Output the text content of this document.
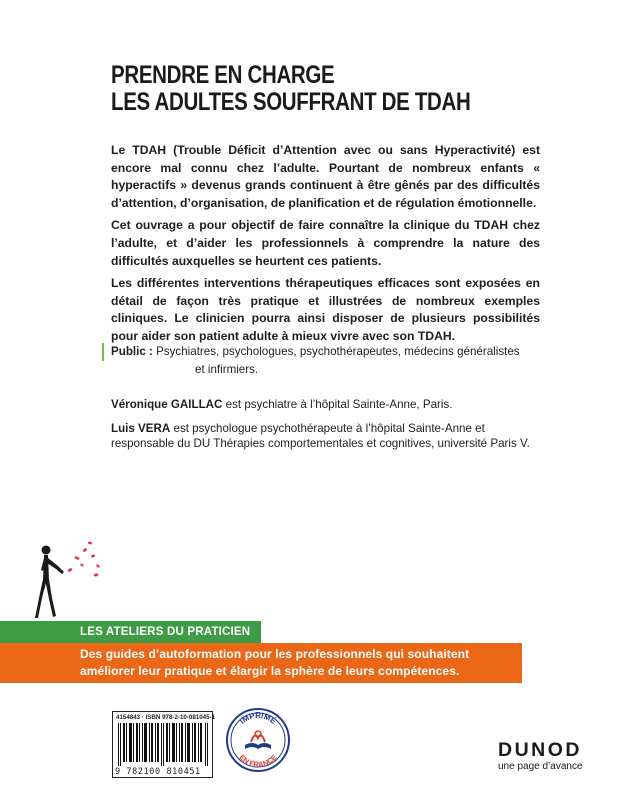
PRENDRE EN CHARGE
LES ADULTES SOUFFRANT DE TDAH

Le TDAH (Trouble Déficit d’Attention avec ou sans Hyperactivité) est encore mal connu chez l’adulte. Pourtant de nombreux enfants « hyperactifs » devenus grands continuent à être gênés par des difficultés d’attention, d’organisation, de planification et de régulation émotionnelle.

Cet ouvrage a pour objectif de faire connaître la clinique du TDAH chez l’adulte, et d’aider les professionnels à comprendre la nature des difficultés auxquelles se heurtent ces patients.

Les différentes interventions thérapeutiques efficaces sont exposées en détail de façon très pratique et illustrées de nombreux exemples cliniques. Le clinicien pourra ainsi disposer de plusieurs possibilités pour aider son patient adulte à mieux vivre avec son TDAH.

Public : Psychiatres, psychologues, psychothérapeutes, médecins généralistes
et infirmiers.

Véronique GAILLAC est psychiatre à l’hôpital Sainte-Anne, Paris.

Luis VERA est psychologue psychothérapeute à l’hôpital Sainte-Anne et responsable du DU Thérapies comportementales et cognitives, université Paris V.

LES ATELIERS DU PRATICIEN
Des guides d’autoformation pour les professionnels qui souhaitent
améliorer leur pratique et élargir la sphère de leurs compétences.
4154843 · ISBN 978-2-10-081045-1
9 782100 810451
IMPRIMÉ
EN FRANCE	DUNOD
une page d’avance
